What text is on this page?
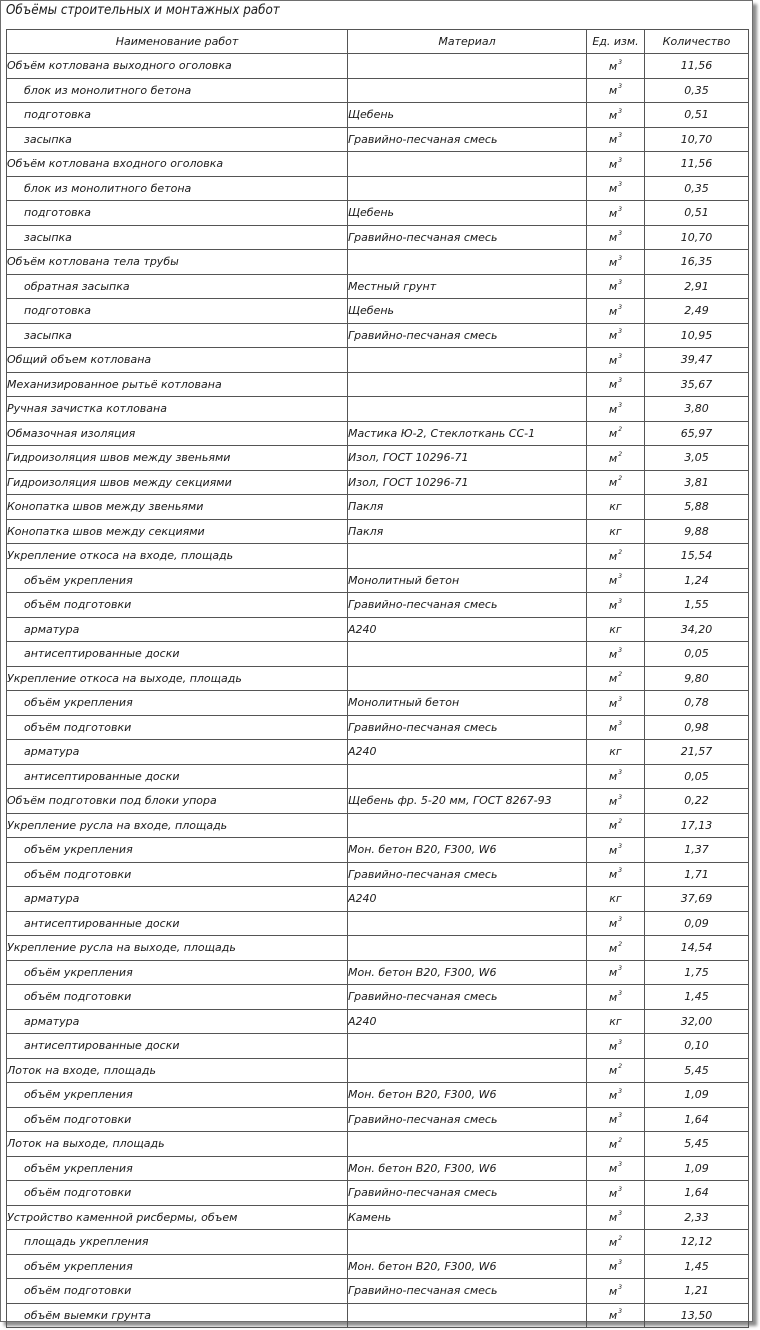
Объёмы строительных и монтажных работ
Наименование работ	Материал	Ед. изм.	Количество
Объём котлована выходного оголовка		$м^3$	11,56
блок из монолитного бетона		$м^3$	0,35
подготовка	Щебень	$м^3$	0,51
засыпка	Гравийно-песчаная смесь	$м^3$	10,70
Объём котлована входного оголовка		$м^3$	11,56
блок из монолитного бетона		$м^3$	0,35
подготовка	Щебень	$м^3$	0,51
засыпка	Гравийно-песчаная смесь	$м^3$	10,70
Объём котлована тела трубы		$м^3$	16,35
обратная засыпка	Местный грунт	$м^3$	2,91
подготовка	Щебень	$м^3$	2,49
засыпка	Гравийно-песчаная смесь	$м^3$	10,95
Общий объем котлована		$м^3$	39,47
Механизированное рытьё котлована		$м^3$	35,67
Ручная зачистка котлована		$м^3$	3,80
Обмазочная изоляция	Мастика Ю-2, Стеклоткань СС-1	$м^2$	65,97
Гидроизоляция швов между звеньями	Изол, ГОСТ 10296-71	$м^2$	3,05
Гидроизоляция швов между секциями	Изол, ГОСТ 10296-71	$м^2$	3,81
Конопатка швов между звеньями	Пакля	кг	5,88
Конопатка швов между секциями	Пакля	кг	9,88
Укрепление откоса на входе, площадь		$м^2$	15,54
объём укрепления	Монолитный бетон	$м^3$	1,24
объём подготовки	Гравийно-песчаная смесь	$м^3$	1,55
арматура	А240	кг	34,20
антисептированные доски		$м^3$	0,05
Укрепление откоса на выходе, площадь		$м^2$	9,80
объём укрепления	Монолитный бетон	$м^3$	0,78
объём подготовки	Гравийно-песчаная смесь	$м^3$	0,98
арматура	А240	кг	21,57
антисептированные доски		$м^3$	0,05
Объём подготовки под блоки упора	Щебень фр. 5-20 мм, ГОСТ 8267-93	$м^3$	0,22
Укрепление русла на входе, площадь		$м^2$	17,13
объём укрепления	Мон. бетон В20, F300, W6	$м^3$	1,37
объём подготовки	Гравийно-песчаная смесь	$м^3$	1,71
арматура	А240	кг	37,69
антисептированные доски		$м^3$	0,09
Укрепление русла на выходе, площадь		$м^2$	14,54
объём укрепления	Мон. бетон В20, F300, W6	$м^3$	1,75
объём подготовки	Гравийно-песчаная смесь	$м^3$	1,45
арматура	А240	кг	32,00
антисептированные доски		$м^3$	0,10
Лоток на входе, площадь		$м^2$	5,45
объём укрепления	Мон. бетон В20, F300, W6	$м^3$	1,09
объём подготовки	Гравийно-песчаная смесь	$м^3$	1,64
Лоток на выходе, площадь		$м^2$	5,45
объём укрепления	Мон. бетон В20, F300, W6	$м^3$	1,09
объём подготовки	Гравийно-песчаная смесь	$м^3$	1,64
Устройство каменной рисбермы, объем	Камень	$м^3$	2,33
площадь укрепления		$м^2$	12,12
объём укрепления	Мон. бетон В20, F300, W6	$м^3$	1,45
объём подготовки	Гравийно-песчаная смесь	$м^3$	1,21
объём выемки грунта		$м^3$	13,50
